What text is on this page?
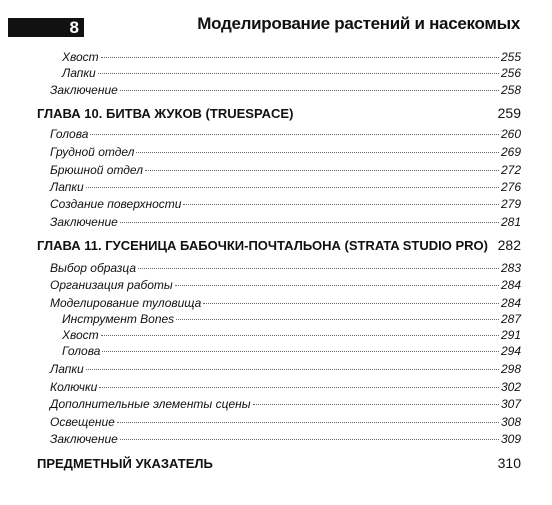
8	Моделирование растений и насекомых
Хвост	255
Лапки	256
Заключение	258
ГЛАВА 10. БИТВА ЖУКОВ (TRUESPACE)	259
Голова	260
Грудной отдел	269
Брюшной отдел	272
Лапки	276
Создание поверхности	279
Заключение	281
ГЛАВА 11. ГУСЕНИЦА БАБОЧКИ-ПОЧТАЛЬОНА (STRATA STUDIO PRO) 282
Выбор образца	283
Организация работы	284
Моделирование туловища	284
Инструмент Bones	287
Хвост	291
Голова	294
Лапки	298
Колючки	302
Дополнительные элементы сцены	307
Освещение	308
Заключение	309
ПРЕДМЕТНЫЙ УКАЗАТЕЛЬ	310
